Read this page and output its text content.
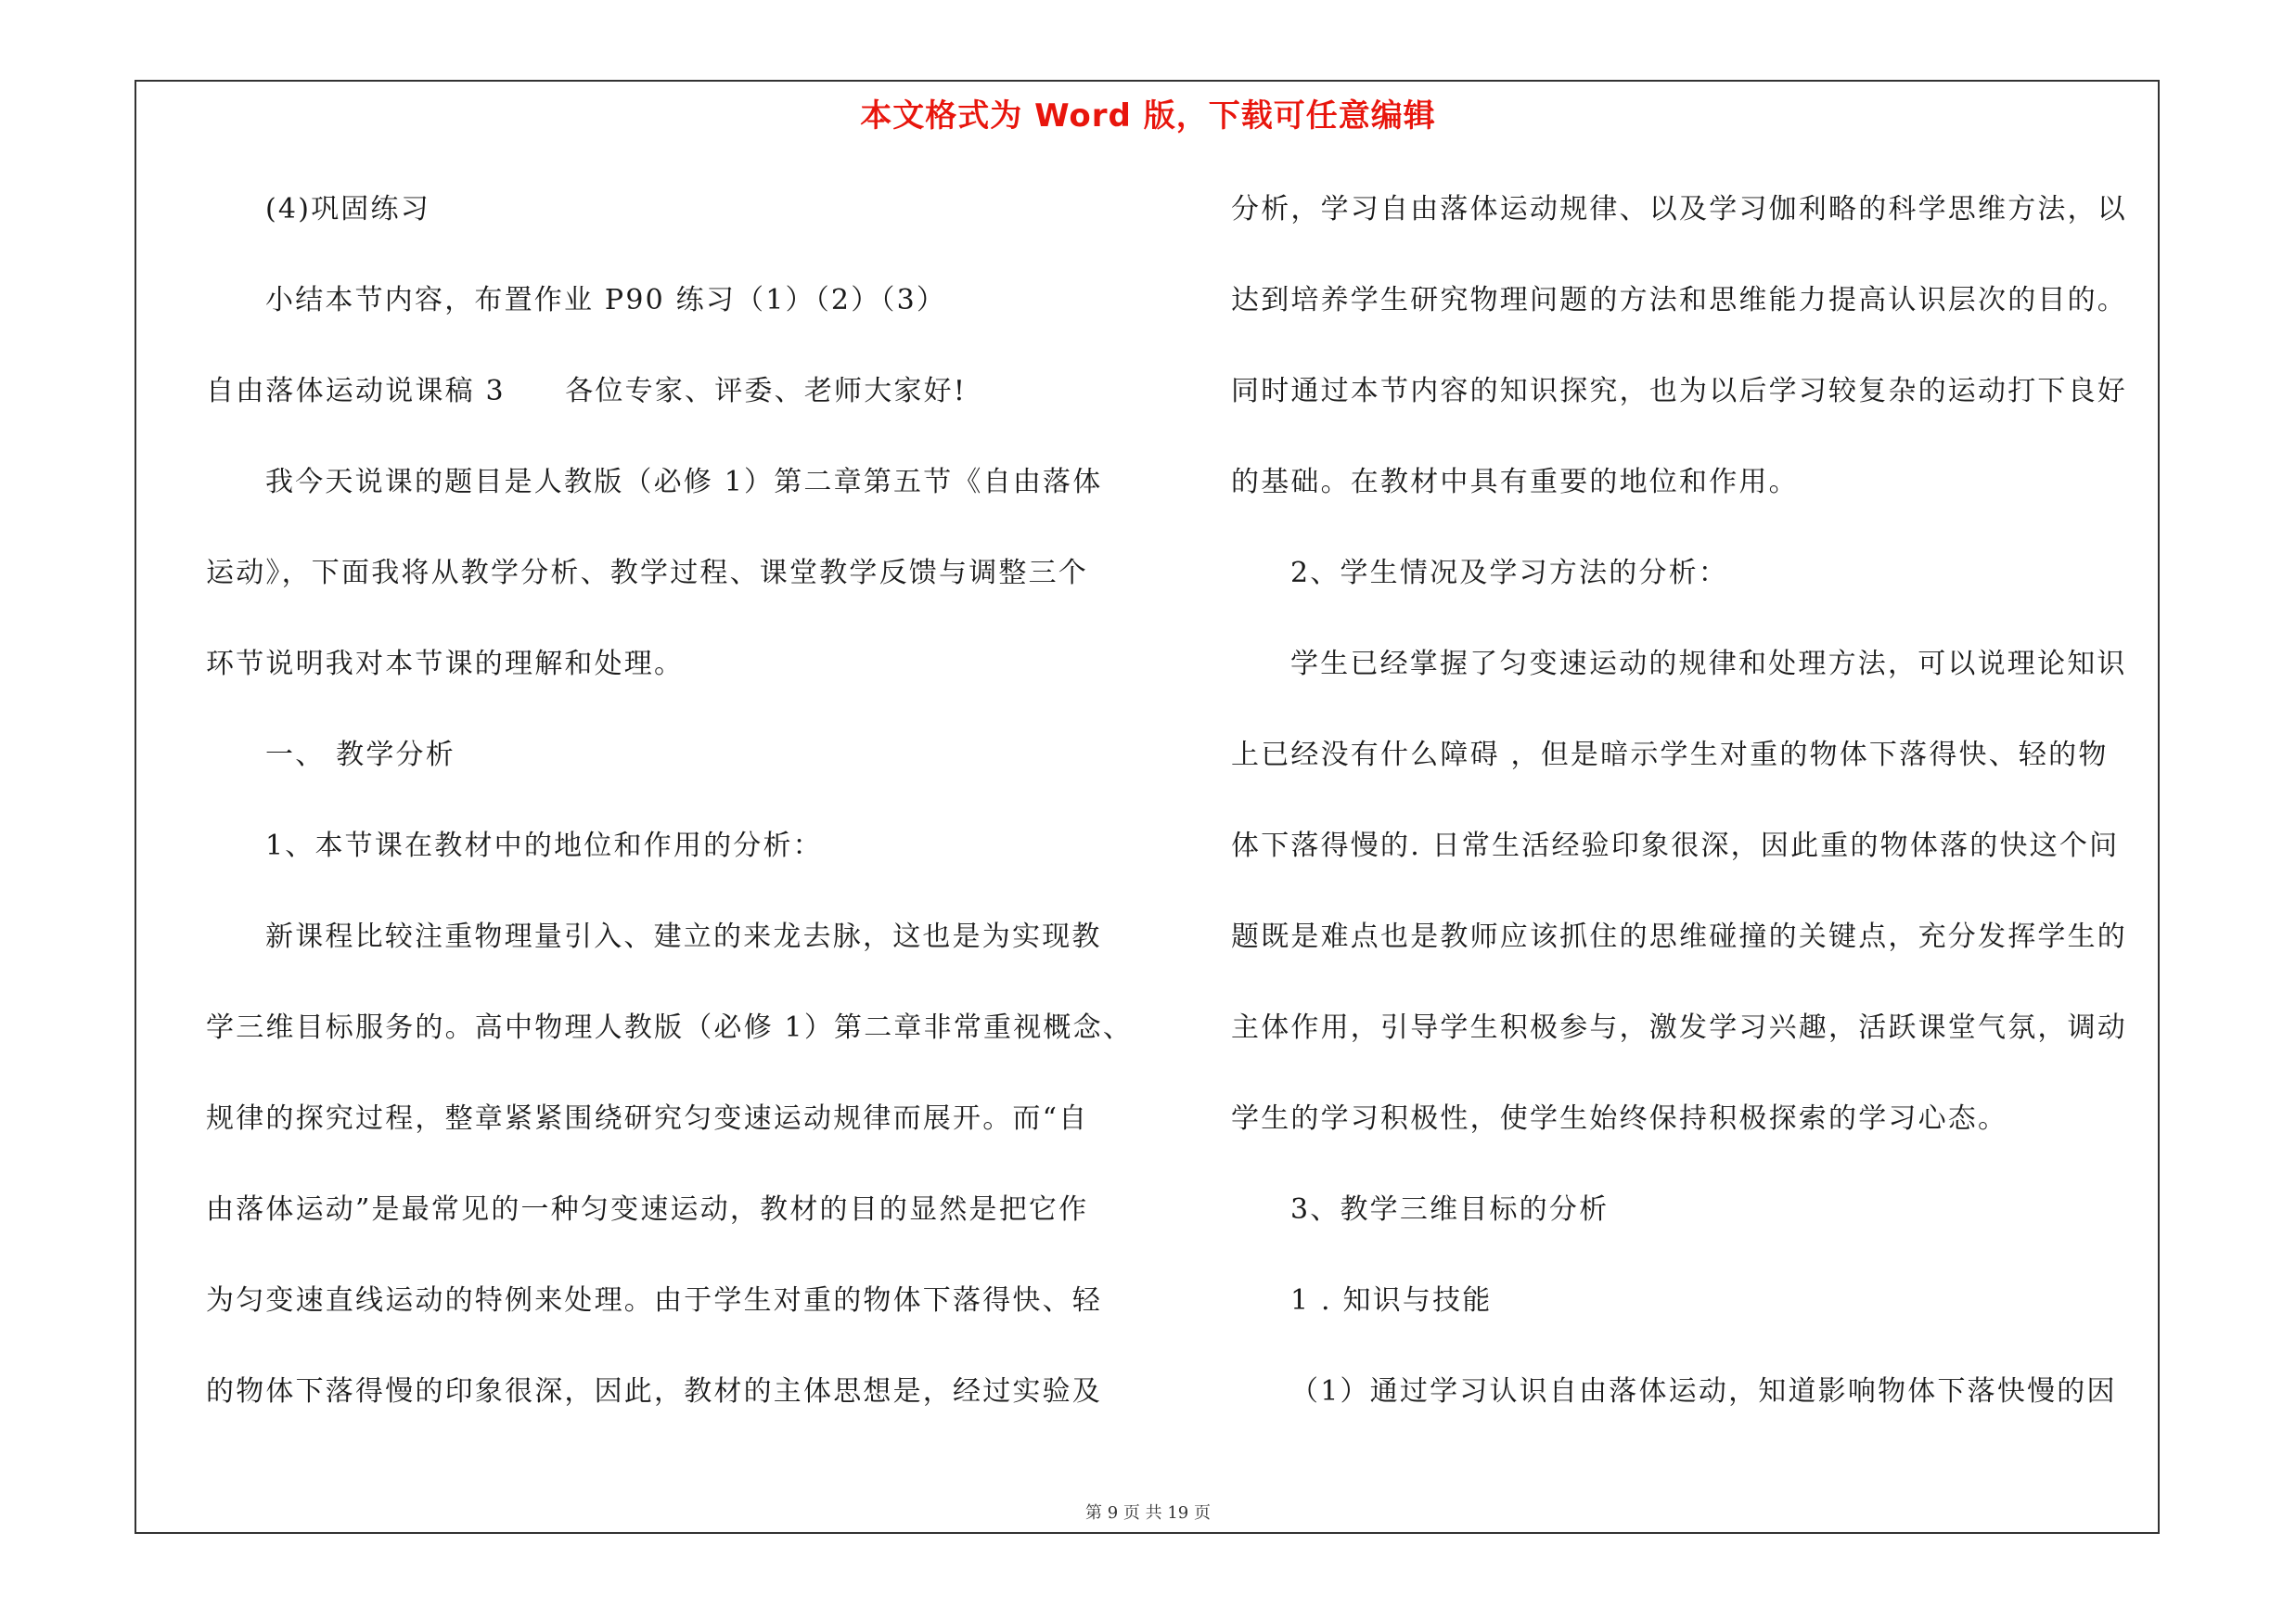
本文格式为 Word 版，下载可任意编辑
(4)巩固练习
小结本节内容，布置作业 P90 练习（1）（2）（3）
自由落体运动说课稿 3　　各位专家、评委、老师大家好!
我今天说课的题目是人教版（必修 1）第二章第五节《自由落体
运动》，下面我将从教学分析、教学过程、课堂教学反馈与调整三个
环节说明我对本节课的理解和处理。
一、 教学分析
1、本节课在教材中的地位和作用的分析：
新课程比较注重物理量引入、建立的来龙去脉，这也是为实现教
学三维目标服务的。高中物理人教版（必修 1）第二章非常重视概念、
规律的探究过程，整章紧紧围绕研究匀变速运动规律而展开。而“自
由落体运动”是最常见的一种匀变速运动，教材的目的显然是把它作
为匀变速直线运动的特例来处理。由于学生对重的物体下落得快、轻
的物体下落得慢的印象很深，因此，教材的主体思想是，经过实验及
分析，学习自由落体运动规律、以及学习伽利略的科学思维方法，以
达到培养学生研究物理问题的方法和思维能力提高认识层次的目的。
同时通过本节内容的知识探究，也为以后学习较复杂的运动打下良好
的基础。在教材中具有重要的地位和作用。
2、学生情况及学习方法的分析：
学生已经掌握了匀变速运动的规律和处理方法，可以说理论知识
上已经没有什么障碍 ，但是暗示学生对重的物体下落得快、轻的物
体下落得慢的. 日常生活经验印象很深，因此重的物体落的快这个问
题既是难点也是教师应该抓住的思维碰撞的关键点，充分发挥学生的
主体作用，引导学生积极参与，激发学习兴趣，活跃课堂气氛，调动
学生的学习积极性，使学生始终保持积极探索的学习心态。
3、教学三维目标的分析
1 . 知识与技能
（1）通过学习认识自由落体运动，知道影响物体下落快慢的因
第 9 页 共 19 页
